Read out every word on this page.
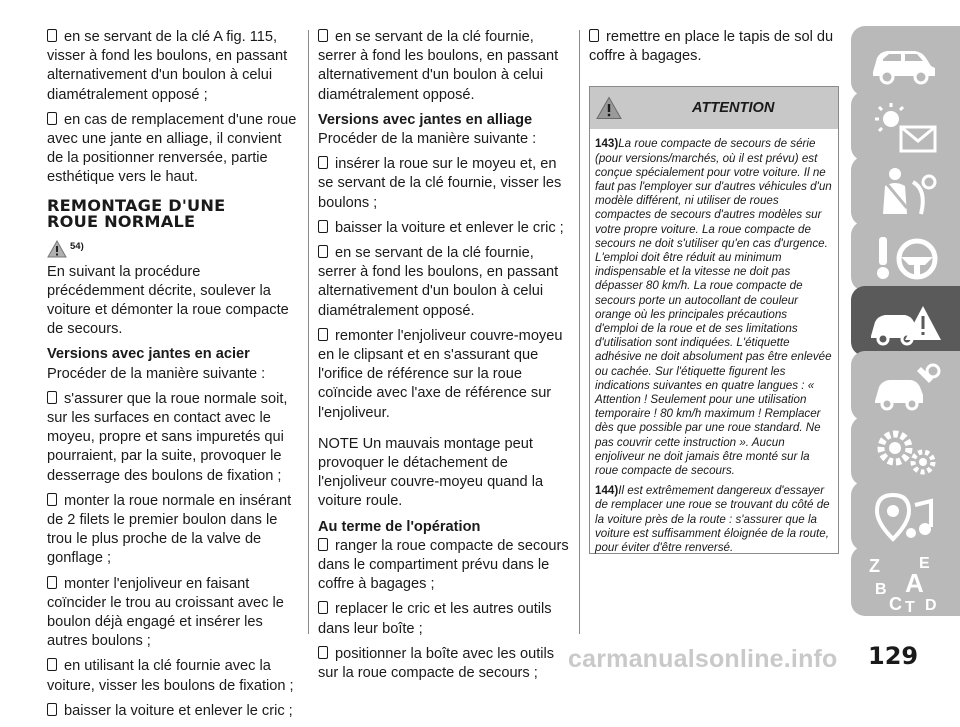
en se servant de la clé A fig. 115, visser à fond les boulons, en passant alternativement d'un boulon à celui diamétralement opposé ;

en cas de remplacement d'une roue avec une jante en alliage, il convient de la positionner renversée, partie esthétique vers le haut.

REMONTAGE D'UNE
ROUE NORMALE
54)

En suivant la procédure précédemment décrite, soulever la voiture et démonter la roue compacte de secours.

Versions avec jantes en acier

Procéder de la manière suivante :

s'assurer que la roue normale soit, sur les surfaces en contact avec le moyeu, propre et sans impuretés qui pourraient, par la suite, provoquer le desserrage des boulons de fixation ;

monter la roue normale en insérant de 2 filets le premier boulon dans le trou le plus proche de la valve de gonflage ;

monter l'enjoliveur en faisant coïncider le trou au croissant avec le boulon déjà engagé et insérer les autres boulons ;

en utilisant la clé fournie avec la voiture, visser les boulons de fixation ;

baisser la voiture et enlever le cric ;

en se servant de la clé fournie, serrer à fond les boulons, en passant alternativement d'un boulon à celui diamétralement opposé.

Versions avec jantes en alliage

Procéder de la manière suivante :

insérer la roue sur le moyeu et, en se servant de la clé fournie, visser les boulons ;

baisser la voiture et enlever le cric ;

en se servant de la clé fournie, serrer à fond les boulons, en passant alternativement d'un boulon à celui diamétralement opposé.

remonter l'enjoliveur couvre-moyeu en le clipsant et en s'assurant que l'orifice de référence sur la roue coïncide avec l'axe de référence sur l'enjoliveur.

NOTE Un mauvais montage peut provoquer le détachement de l'enjoliveur couvre-moyeu quand la voiture roule.

Au terme de l'opération

ranger la roue compacte de secours dans le compartiment prévu dans le coffre à bagages ;

replacer le cric et les autres outils dans leur boîte ;

positionner la boîte avec les outils sur la roue compacte de secours ;

remettre en place le tapis de sol du coffre à bagages.

ATTENTION

143)La roue compacte de secours de série (pour versions/marchés, où il est prévu) est conçue spécialement pour votre voiture. Il ne faut pas l'employer sur d'autres véhicules d'un modèle différent, ni utiliser de roues compactes de secours d'autres modèles sur votre propre voiture. La roue compacte de secours ne doit s'utiliser qu'en cas d'urgence. L'emploi doit être réduit au minimum indispensable et la vitesse ne doit pas dépasser 80 km/h. La roue compacte de secours porte un autocollant de couleur orange où les principales précautions d'emploi de la roue et de ses limitations d'utilisation sont indiquées. L'étiquette adhésive ne doit absolument pas être enlevée ou cachée. Sur l'étiquette figurent les indications suivantes en quatre langues : « Attention ! Seulement pour une utilisation temporaire ! 80 km/h maximum ! Remplacer dès que possible par une roue standard. Ne pas couvrir cette instruction ». Aucun enjoliveur ne doit jamais être monté sur la roue compacte de secours.

144)Il est extrêmement dangereux d'essayer de remplacer une roue se trouvant du côté de la voiture près de la route : s'assurer que la voiture est suffisamment éloignée de la route, pour éviter d'être renversé.

Z E
B A
C T D
carmanualsonline.info 129
